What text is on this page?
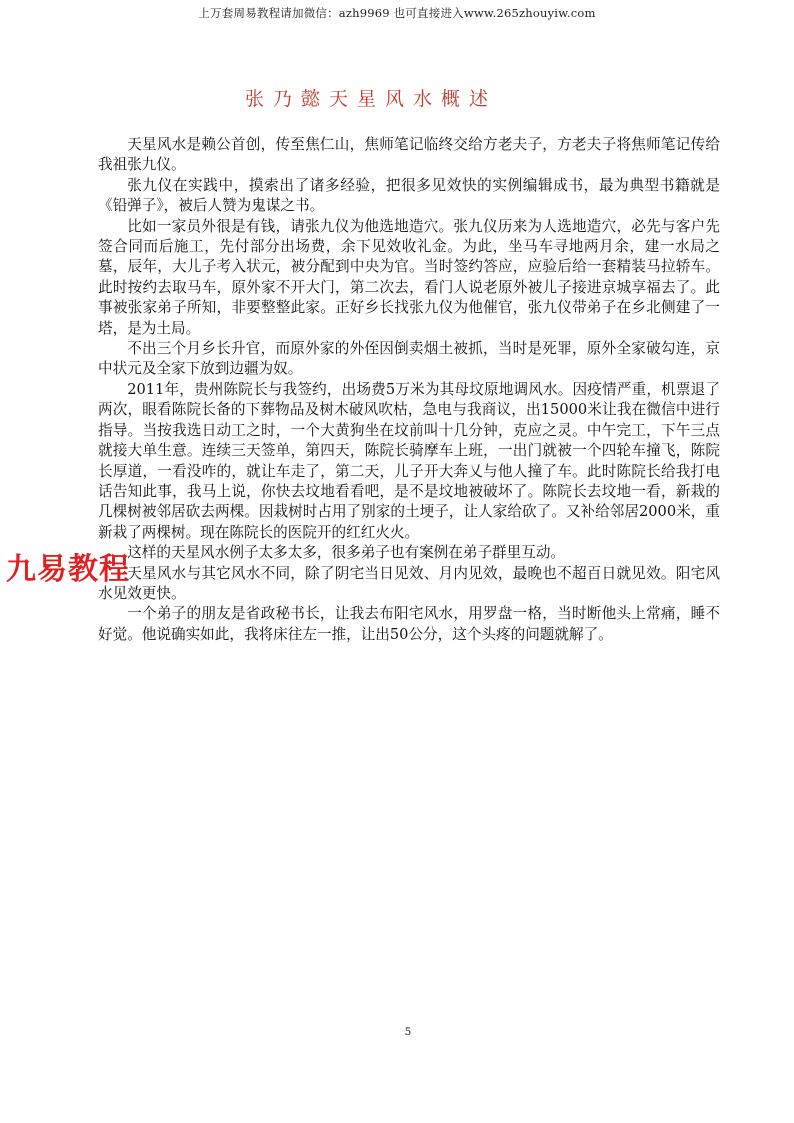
上万套周易教程请加微信：azh9969 也可直接进入www.265zhouyiw.com
张乃懿天星风水概述

天星风水是赖公首创，传至焦仁山，焦师笔记临终交给方老夫子，方老夫子将焦师笔记传给我祖张九仪。

张九仪在实践中，摸索出了诸多经验，把很多见效快的实例编辑成书，最为典型书籍就是《铅弹子》，被后人赞为鬼谋之书。

比如一家员外很是有钱，请张九仪为他选地造穴。张九仪历来为人选地造穴，必先与客户先签合同而后施工，先付部分出场费，余下见效收礼金。为此，坐马车寻地两月余，建一水局之墓，辰年，大儿子考入状元，被分配到中央为官。当时签约答应，应验后给一套精装马拉轿车。此时按约去取马车，原外家不开大门，第二次去，看门人说老原外被儿子接进京城享福去了。此事被张家弟子所知，非要整整此家。正好乡长找张九仪为他催官，张九仪带弟子在乡北侧建了一塔，是为土局。

不出三个月乡长升官，而原外家的外侄因倒卖烟土被抓，当时是死罪，原外全家破勾连，京中状元及全家下放到边疆为奴。

2011年，贵州陈院长与我签约，出场费5万米为其母坟原地调风水。因疫情严重，机票退了两次，眼看陈院长备的下葬物品及树木破风吹枯，急电与我商议，出15000米让我在微信中进行指导。当按我选日动工之时，一个大黄狗坐在坟前叫十几分钟，克应之灵。中午完工，下午三点就接大单生意。连续三天签单，第四天，陈院长骑摩车上班，一出门就被一个四轮车撞飞，陈院长厚道，一看没咋的，就让车走了，第二天，儿子开大奔乂与他人撞了车。此时陈院长给我打电话告知此事，我马上说，你快去坟地看看吧，是不是坟地被破坏了。陈院长去坟地一看，新栽的几棵树被邻居砍去两棵。因栽树时占用了别家的土埂子，让人家给砍了。又补给邻居2000米，重新栽了两棵树。现在陈院长的医院开的红红火火。

这样的天星风水例子太多太多，很多弟子也有案例在弟子群里互动。

天星风水与其它风水不同，除了阴宅当日见效、月内见效，最晚也不超百日就见效。阳宅风水见效更快。

一个弟子的朋友是省政秘书长，让我去布阳宅风水，用罗盘一格，当时断他头上常痛，睡不好觉。他说确实如此，我将床往左一推，让出50公分，这个头疼的问题就解了。

九易教程
5
